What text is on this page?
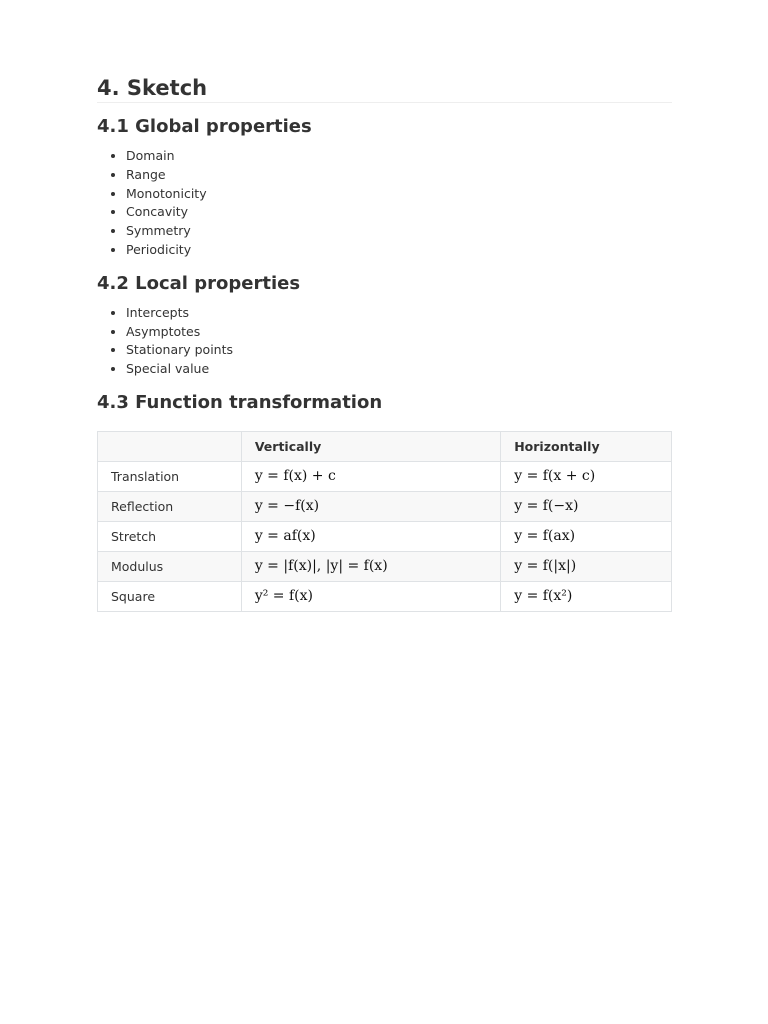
4. Sketch
4.1 Global properties
Domain
Range
Monotonicity
Concavity
Symmetry
Periodicity
4.2 Local properties
Intercepts
Asymptotes
Stationary points
Special value
4.3 Function transformation
	Vertically	Horizontally
Translation	y = f(x) + c	y = f(x + c)
Reflection	y = −f(x)	y = f(−x)
Stretch	y = af(x)	y = f(ax)
Modulus	y = |f(x)|, |y| = f(x)	y = f(|x|)
Square	y² = f(x)	y = f(x²)
